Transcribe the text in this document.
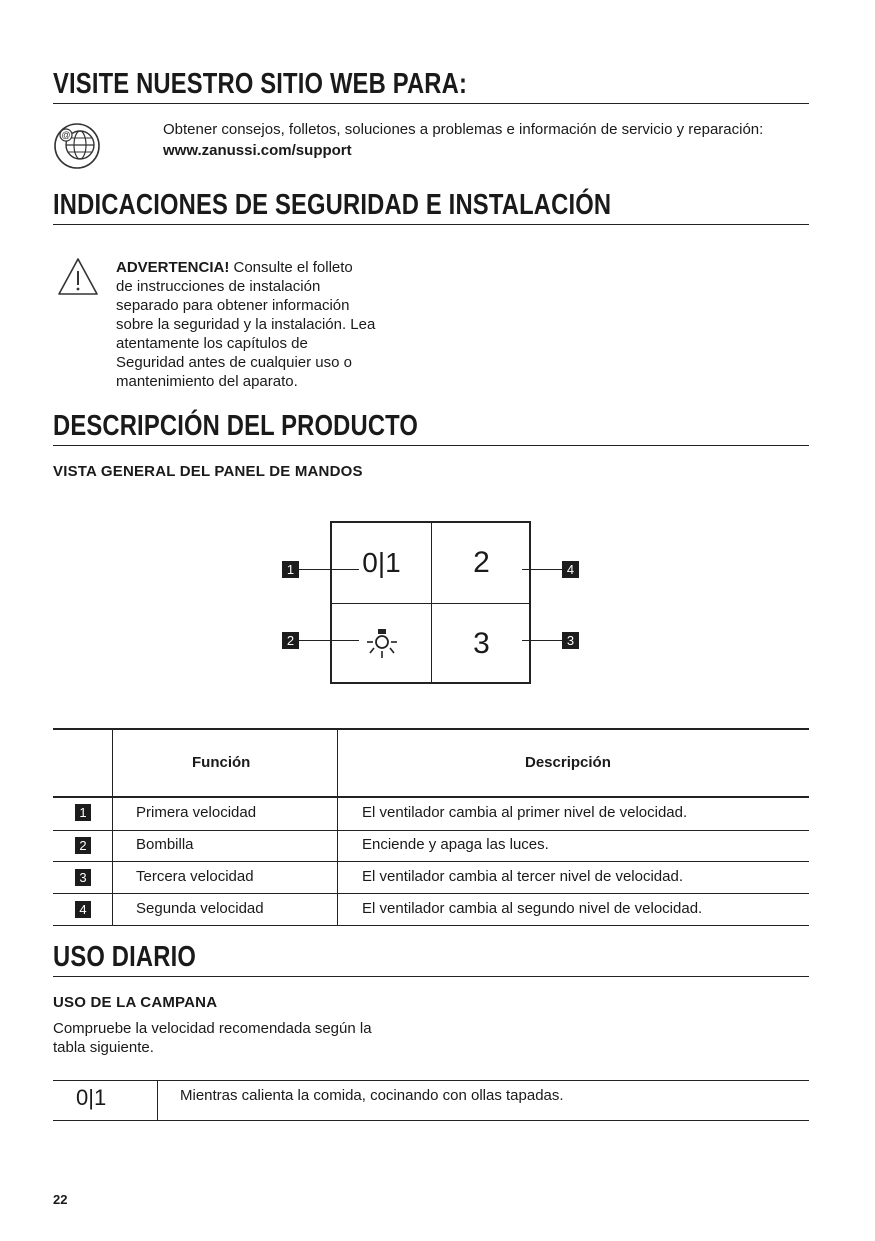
VISITE NUESTRO SITIO WEB PARA:
@	Obtener consejos, folletos, soluciones a problemas e información de servicio y reparación:
www.zanussi.com/support
INDICACIONES DE SEGURIDAD E INSTALACIÓN
ADVERTENCIA! Consulte el folleto
de instrucciones de instalación
separado para obtener información
sobre la seguridad y la instalación. Lea
atentamente los capítulos de
Seguridad antes de cualquier uso o
mantenimiento del aparato.
DESCRIPCIÓN DEL PRODUCTO
VISTA GENERAL DEL PANEL DE MANDOS
0|1 2
3
1
2
4
3
Función	Descripción
1	Primera velocidad	El ventilador cambia al primer nivel de velocidad.
2	Bombilla	Enciende y apaga las luces.
3	Tercera velocidad	El ventilador cambia al tercer nivel de velocidad.
4	Segunda velocidad	El ventilador cambia al segundo nivel de velocidad.
USO DIARIO
USO DE LA CAMPANA
Compruebe la velocidad recomendada según la
tabla siguiente.
0|1	Mientras calienta la comida, cocinando con ollas tapadas.
22
